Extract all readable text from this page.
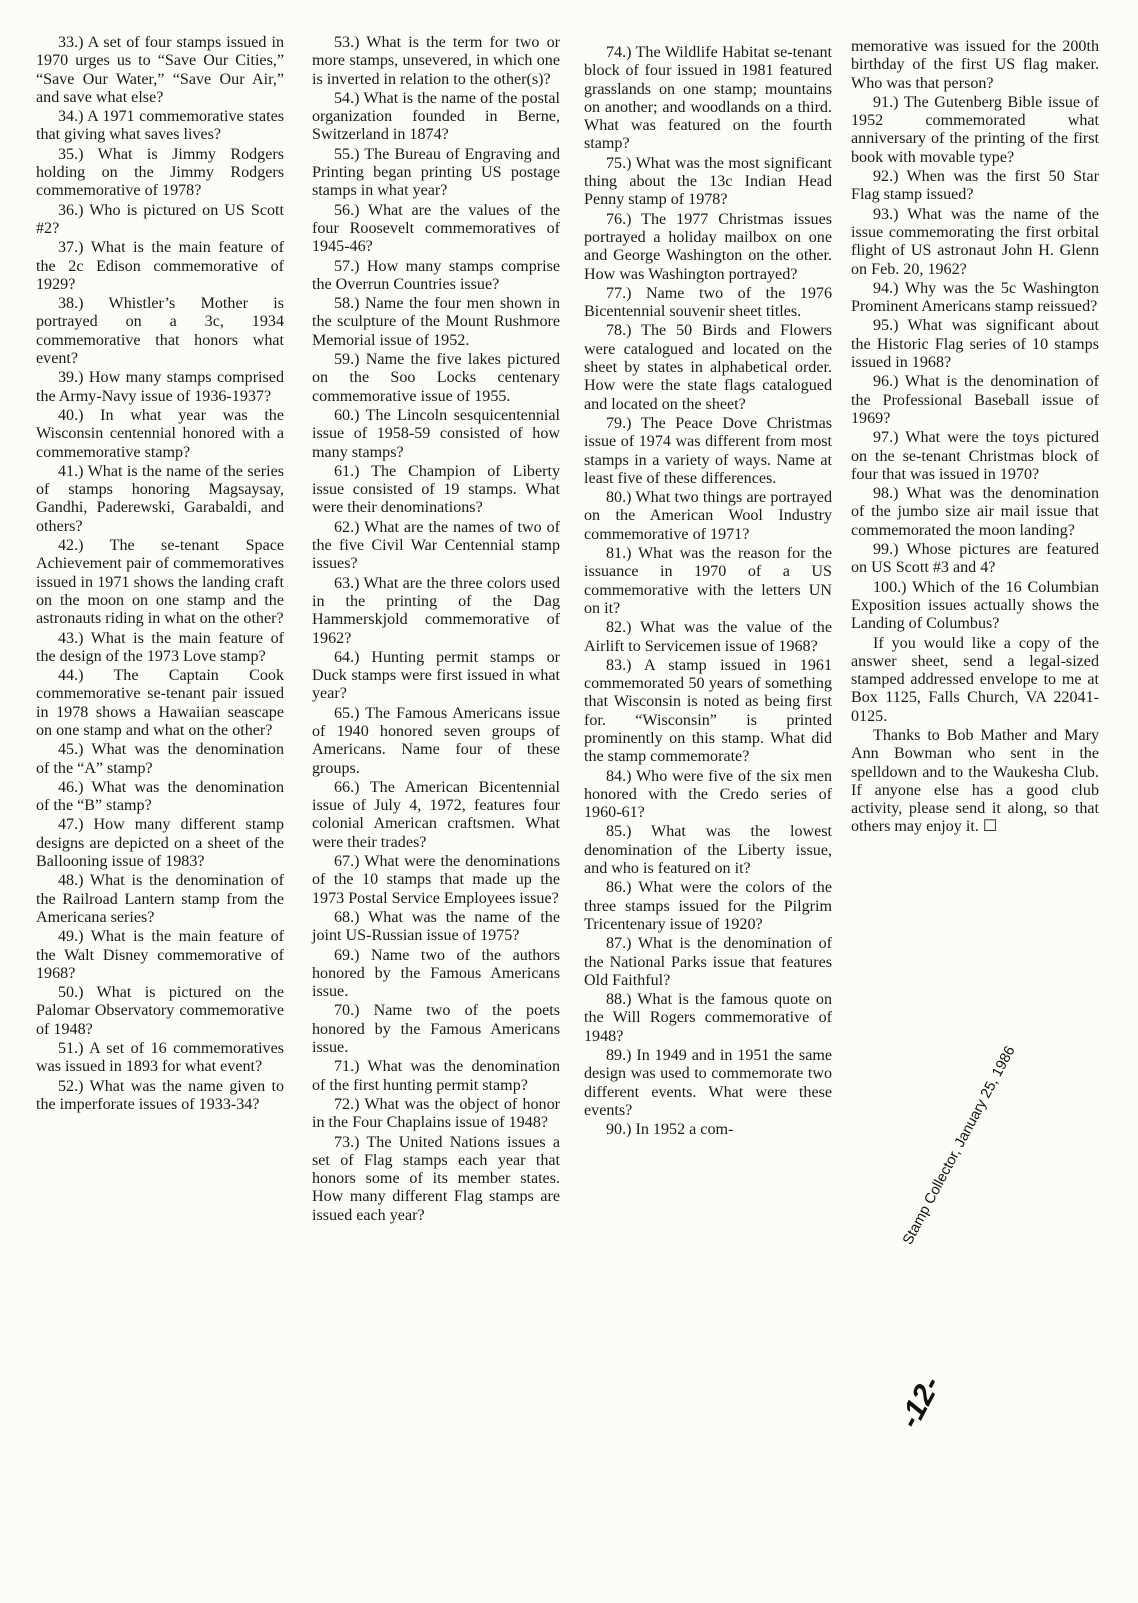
33.) A set of four stamps issued in 1970 urges us to “Save Our Cities,” “Save Our Water,” “Save Our Air,” and save what else?

34.) A 1971 commemorative states that giving what saves lives?

35.) What is Jimmy Rodgers holding on the Jimmy Rodgers commemorative of 1978?

36.) Who is pictured on US Scott #2?

37.) What is the main feature of the 2c Edison commemorative of 1929?

38.) Whistler’s Mother is portrayed on a 3c, 1934 commemorative that honors what event?

39.) How many stamps comprised the Army-Navy issue of 1936-1937?

40.) In what year was the Wisconsin centennial honored with a commemorative stamp?

41.) What is the name of the series of stamps honoring Magsaysay, Gandhi, Paderewski, Garabaldi, and others?

42.) The se-tenant Space Achievement pair of commemoratives issued in 1971 shows the landing craft on the moon on one stamp and the astronauts riding in what on the other?

43.) What is the main feature of the design of the 1973 Love stamp?

44.) The Captain Cook commemorative se-tenant pair issued in 1978 shows a Hawaiian seascape on one stamp and what on the other?

45.) What was the denomination of the “A” stamp?

46.) What was the denomination of the “B” stamp?

47.) How many different stamp designs are depicted on a sheet of the Ballooning issue of 1983?

48.) What is the denomination of the Railroad Lantern stamp from the Americana series?

49.) What is the main feature of the Walt Disney commemorative of 1968?

50.) What is pictured on the Palomar Observatory commemorative of 1948?

51.) A set of 16 commemoratives was issued in 1893 for what event?

52.) What was the name given to the imperforate issues of 1933-34?

53.) What is the term for two or more stamps, unsevered, in which one is inverted in relation to the other(s)?

54.) What is the name of the postal organization founded in Berne, Switzerland in 1874?

55.) The Bureau of Engraving and Printing began printing US postage stamps in what year?

56.) What are the values of the four Roosevelt commemoratives of 1945-46?

57.) How many stamps comprise the Overrun Countries issue?

58.) Name the four men shown in the sculpture of the Mount Rushmore Memorial issue of 1952.

59.) Name the five lakes pictured on the Soo Locks centenary commemorative issue of 1955.

60.) The Lincoln sesquicentennial issue of 1958-59 consisted of how many stamps?

61.) The Champion of Liberty issue consisted of 19 stamps. What were their denominations?

62.) What are the names of two of the five Civil War Centennial stamp issues?

63.) What are the three colors used in the printing of the Dag Hammerskjold commemorative of 1962?

64.) Hunting permit stamps or Duck stamps were first issued in what year?

65.) The Famous Americans issue of 1940 honored seven groups of Americans. Name four of these groups.

66.) The American Bicentennial issue of July 4, 1972, features four colonial American craftsmen. What were their trades?

67.) What were the denominations of the 10 stamps that made up the 1973 Postal Service Employees issue?

68.) What was the name of the joint US-Russian issue of 1975?

69.) Name two of the authors honored by the Famous Americans issue.

70.) Name two of the poets honored by the Famous Americans issue.

71.) What was the denomination of the first hunting permit stamp?

72.) What was the object of honor in the Four Chaplains issue of 1948?

73.) The United Nations issues a set of Flag stamps each year that honors some of its member states. How many different Flag stamps are issued each year?

74.) The Wildlife Habitat se-tenant block of four issued in 1981 featured grasslands on one stamp; mountains on another; and woodlands on a third. What was featured on the fourth stamp?

75.) What was the most significant thing about the 13c Indian Head Penny stamp of 1978?

76.) The 1977 Christmas issues portrayed a holiday mailbox on one and George Washington on the other. How was Washington portrayed?

77.) Name two of the 1976 Bicentennial souvenir sheet titles.

78.) The 50 Birds and Flowers were catalogued and located on the sheet by states in alphabetical order. How were the state flags catalogued and located on the sheet?

79.) The Peace Dove Christmas issue of 1974 was different from most stamps in a variety of ways. Name at least five of these differences.

80.) What two things are portrayed on the American Wool Industry commemorative of 1971?

81.) What was the reason for the issuance in 1970 of a US commemorative with the letters UN on it?

82.) What was the value of the Airlift to Servicemen issue of 1968?

83.) A stamp issued in 1961 commemorated 50 years of something that Wisconsin is noted as being first for. “Wisconsin” is printed prominently on this stamp. What did the stamp commemorate?

84.) Who were five of the six men honored with the Credo series of 1960-61?

85.) What was the lowest denomination of the Liberty issue, and who is featured on it?

86.) What were the colors of the three stamps issued for the Pilgrim Tricentenary issue of 1920?

87.) What is the denomination of the National Parks issue that features Old Faithful?

88.) What is the famous quote on the Will Rogers commemorative of 1948?

89.) In 1949 and in 1951 the same design was used to commemorate two different events. What were these events?

90.) In 1952 a com-

memorative was issued for the 200th birthday of the first US flag maker. Who was that person?

91.) The Gutenberg Bible issue of 1952 commemorated what anniversary of the printing of the first book with movable type?

92.) When was the first 50 Star Flag stamp issued?

93.) What was the name of the issue commemorating the first orbital flight of US astronaut John H. Glenn on Feb. 20, 1962?

94.) Why was the 5c Washington Prominent Americans stamp reissued?

95.) What was significant about the Historic Flag series of 10 stamps issued in 1968?

96.) What is the denomination of the Professional Baseball issue of 1969?

97.) What were the toys pictured on the se-tenant Christmas block of four that was issued in 1970?

98.) What was the denomination of the jumbo size air mail issue that commemorated the moon landing?

99.) Whose pictures are featured on US Scott #3 and 4?

100.) Which of the 16 Columbian Exposition issues actually shows the Landing of Columbus?

If you would like a copy of the answer sheet, send a legal-sized stamped addressed envelope to me at Box 1125, Falls Church, VA 22041-0125.

Thanks to Bob Mather and Mary Ann Bowman who sent in the spelldown and to the Waukesha Club. If anyone else has a good club activity, please send it along, so that others may enjoy it. ☐

Stamp Collector, January 25, 1986
-12-
